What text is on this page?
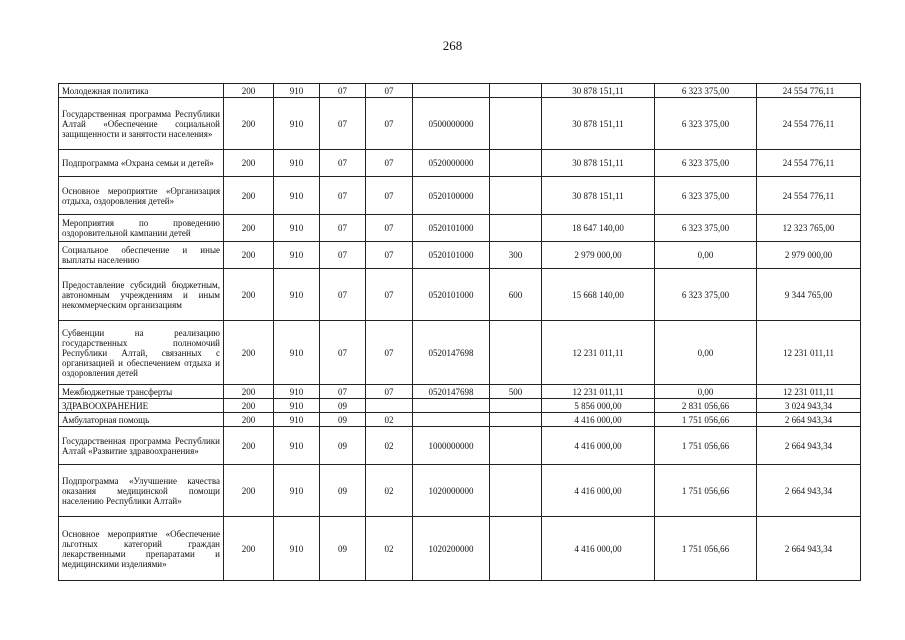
268
Молодежная политика	200	910	07	07			30 878 151,11	6 323 375,00	24 554 776,11
Государственная программа Республики Алтай «Обеспечение социальной защищенности и занятости населения»	200	910	07	07	0500000000		30 878 151,11	6 323 375,00	24 554 776,11
Подпрограмма «Охрана семьи и детей»	200	910	07	07	0520000000		30 878 151,11	6 323 375,00	24 554 776,11
Основное мероприятие «Организация отдыха, оздоровления детей»	200	910	07	07	0520100000		30 878 151,11	6 323 375,00	24 554 776,11
Мероприятия по проведению оздоровительной кампании детей	200	910	07	07	0520101000		18 647 140,00	6 323 375,00	12 323 765,00
Социальное обеспечение и иные выплаты населению	200	910	07	07	0520101000	300	2 979 000,00	0,00	2 979 000,00
Предоставление субсидий бюджетным, автономным учреждениям и иным некоммерческим организациям	200	910	07	07	0520101000	600	15 668 140,00	6 323 375,00	9 344 765,00
Субвенции на реализацию государственных полномочий Республики Алтай, связанных с организацией и обеспечением отдыха и оздоровления детей	200	910	07	07	0520147698		12 231 011,11	0,00	12 231 011,11
Межбюджетные трансферты	200	910	07	07	0520147698	500	12 231 011,11	0,00	12 231 011,11
ЗДРАВООХРАНЕНИЕ	200	910	09				5 856 000,00	2 831 056,66	3 024 943,34
Амбулаторная помощь	200	910	09	02			4 416 000,00	1 751 056,66	2 664 943,34
Государственная программа Республики Алтай «Развитие здравоохранения»	200	910	09	02	1000000000		4 416 000,00	1 751 056,66	2 664 943,34
Подпрограмма «Улучшение качества оказания медицинской помощи населению Республики Алтай»	200	910	09	02	1020000000		4 416 000,00	1 751 056,66	2 664 943,34
Основное мероприятие «Обеспечение льготных категорий граждан лекарственными препаратами и медицинскими изделиями»	200	910	09	02	1020200000		4 416 000,00	1 751 056,66	2 664 943,34
